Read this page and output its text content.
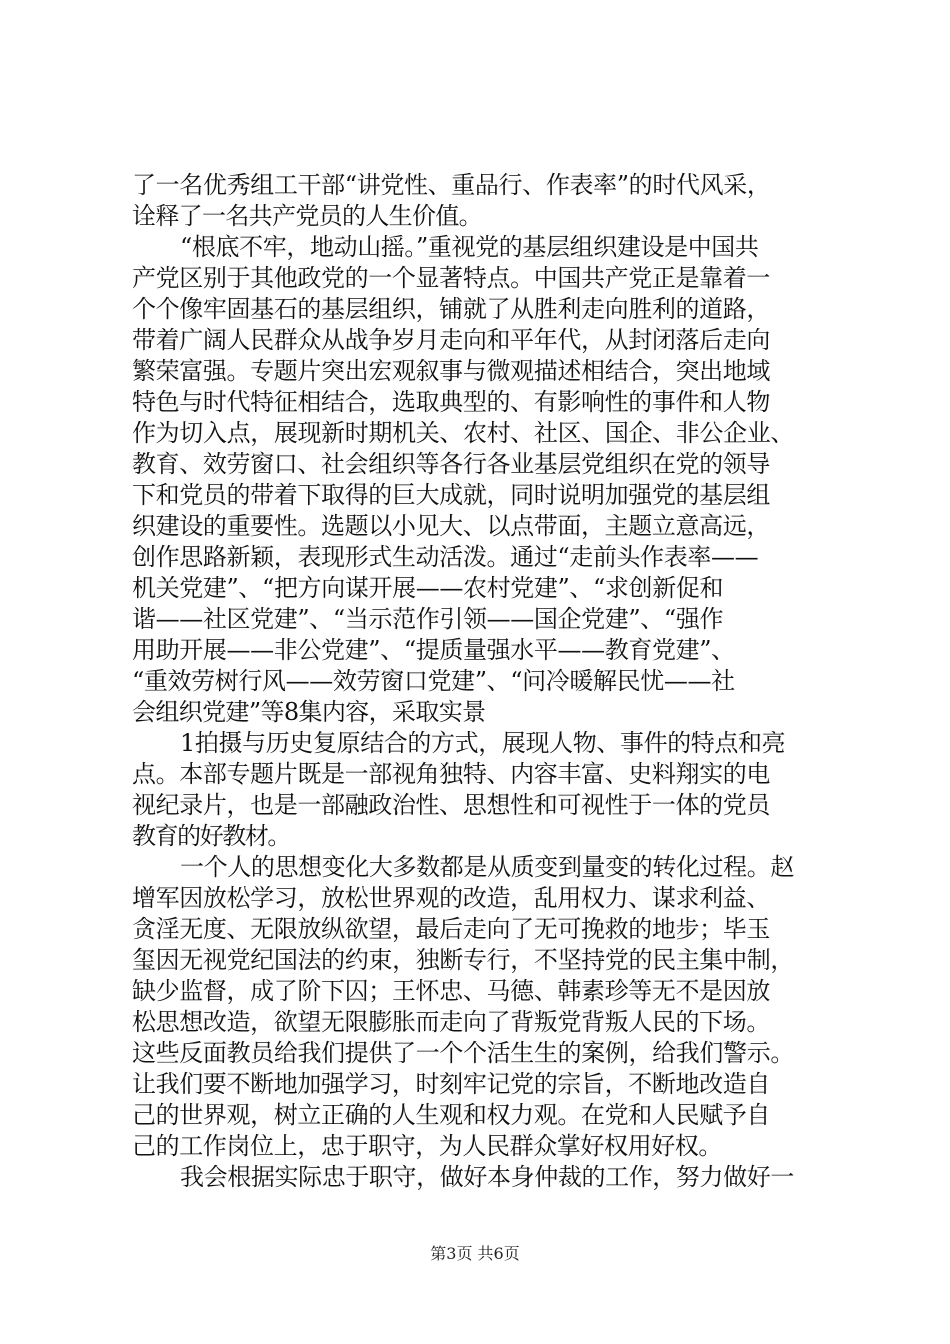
了一名优秀组工干部“讲党性、重品行、作表率”的时代风采，
诠释了一名共产党员的人生价值。
“根底不牢，地动山摇。”重视党的基层组织建设是中国共
产党区别于其他政党的一个显著特点。中国共产党正是靠着一
个个像牢固基石的基层组织，铺就了从胜利走向胜利的道路，
带着广阔人民群众从战争岁月走向和平年代，从封闭落后走向
繁荣富强。专题片突出宏观叙事与微观描述相结合，突出地域
特色与时代特征相结合，选取典型的、有影响性的事件和人物
作为切入点，展现新时期机关、农村、社区、国企、非公企业、
教育、效劳窗口、社会组织等各行各业基层党组织在党的领导
下和党员的带着下取得的巨大成就，同时说明加强党的基层组
织建设的重要性。选题以小见大、以点带面，主题立意高远，
创作思路新颖，表现形式生动活泼。通过“走前头作表率——
机关党建”、“把方向谋开展——农村党建”、“求创新促和
谐——社区党建”、“当示范作引领——国企党建”、“强作
用助开展——非公党建”、“提质量强水平——教育党建”、
“重效劳树行风——效劳窗口党建”、“问冷暖解民忧——社
会组织党建”等8集内容，采取实景
1拍摄与历史复原结合的方式，展现人物、事件的特点和亮
点。本部专题片既是一部视角独特、内容丰富、史料翔实的电
视纪录片，也是一部融政治性、思想性和可视性于一体的党员
教育的好教材。
一个人的思想变化大多数都是从质变到量变的转化过程。赵
增军因放松学习，放松世界观的改造，乱用权力、谋求利益、
贪淫无度、无限放纵欲望，最后走向了无可挽救的地步；毕玉
玺因无视党纪国法的约束，独断专行，不坚持党的民主集中制，
缺少监督，成了阶下囚；王怀忠、马德、韩素珍等无不是因放
松思想改造，欲望无限膨胀而走向了背叛党背叛人民的下场。
这些反面教员给我们提供了一个个活生生的案例，给我们警示。
让我们要不断地加强学习，时刻牢记党的宗旨，不断地改造自
己的世界观，树立正确的人生观和权力观。在党和人民赋予自
己的工作岗位上，忠于职守，为人民群众掌好权用好权。
我会根据实际忠于职守，做好本身仲裁的工作，努力做好一
第3页 共6页
